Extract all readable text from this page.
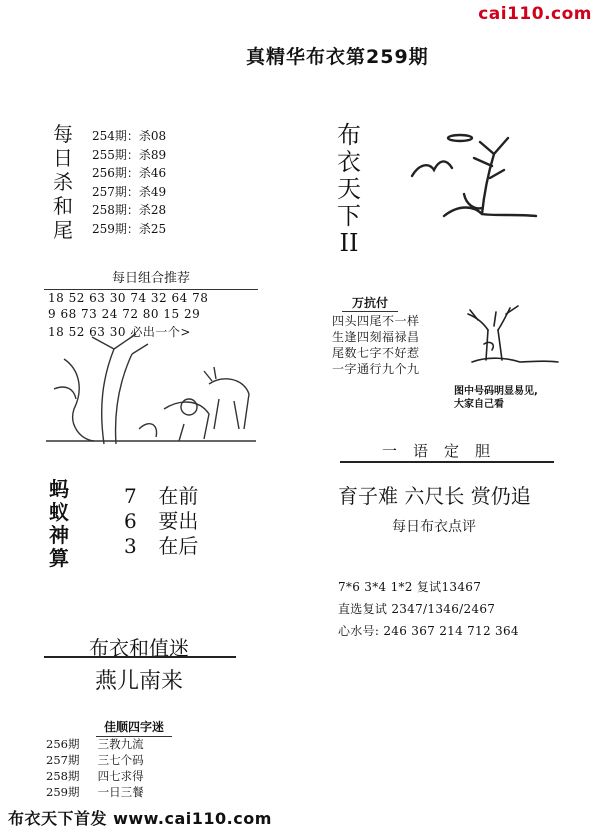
cai110.com
真精华布衣第259期
每
日
杀
和
尾
254期：杀08
255期：杀89
256期：杀46
257期：杀49
258期：杀28
259期：杀25
每日组合推荐
18 52 63 30 74 32 64 78
9 68 73 24 72 80 15 29
18 52 63 30 必出一个>
蚂
蚁
神
算
7 在前
6 要出
3 在后
布衣和值迷
燕儿南来
佳顺四字迷
256期 三教九流
257期 三七个码
258期 四七求得
259期 一日三餐
布衣天下首发 www.cai110.com
布
衣
天
下
II
万抗付
四头四尾不一样
生逢四刻福禄昌
尾数七字不好惹
一字通行九个九
图中号码明显易见,
大家自己看
一语定胆
育子难 六尺长 赏仍追
每日布衣点评
7*6 3*4 1*2 复试13467
直选复试 2347/1346/2467
心水号: 246 367 214 712 364
